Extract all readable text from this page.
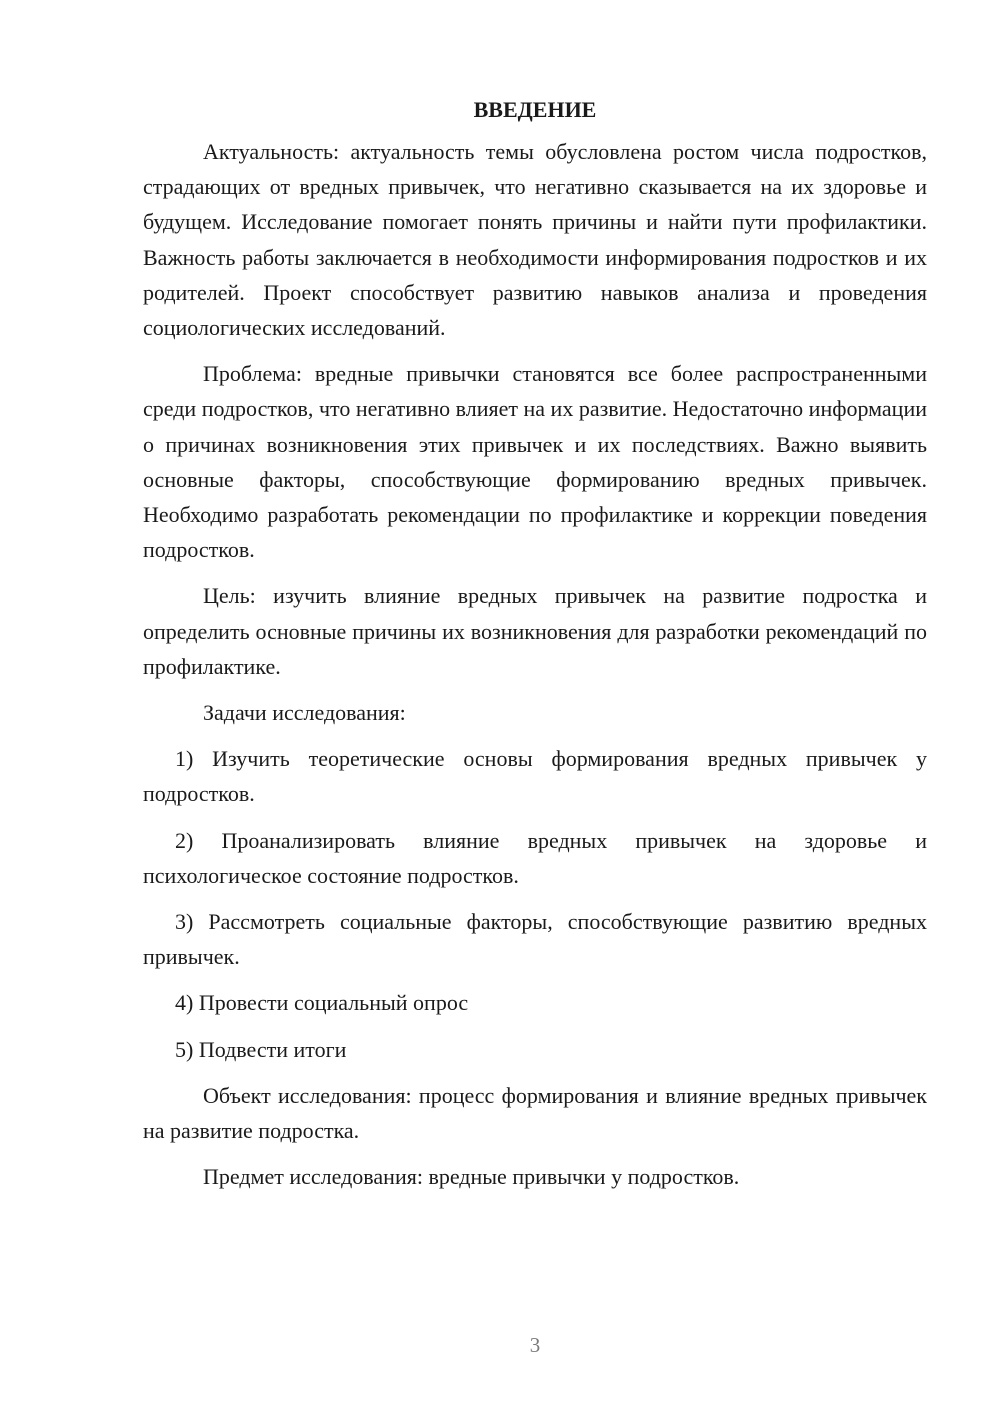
ВВЕДЕНИЕ

Актуальность: актуальность темы обусловлена ростом числа подростков, страдающих от вредных привычек, что негативно сказывается на их здоровье и будущем. Исследование помогает понять причины и найти пути профилактики. Важность работы заключается в необходимости информирования подростков и их родителей. Проект способствует развитию навыков анализа и проведения социологических исследований.

Проблема: вредные привычки становятся все более распространенными среди подростков, что негативно влияет на их развитие. Недостаточно информации о причинах возникновения этих привычек и их последствиях. Важно выявить основные факторы, способствующие формированию вредных привычек. Необходимо разработать рекомендации по профилактике и коррекции поведения подростков.

Цель: изучить влияние вредных привычек на развитие подростка и определить основные причины их возникновения для разработки рекомендаций по профилактике.

Задачи исследования:

1) Изучить теоретические основы формирования вредных привычек у подростков.

2) Проанализировать влияние вредных привычек на здоровье и психологическое состояние подростков.

3) Рассмотреть социальные факторы, способствующие развитию вредных привычек.

4) Провести социальный опрос

5) Подвести итоги

Объект исследования: процесс формирования и влияние вредных привычек на развитие подростка.

Предмет исследования: вредные привычки у подростков.

3
